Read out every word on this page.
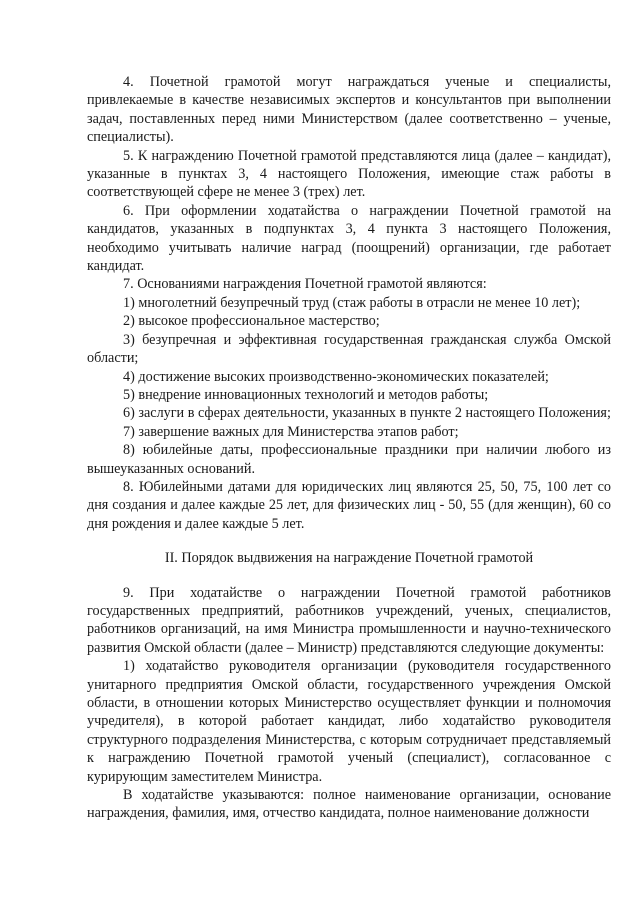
4. Почетной грамотой могут награждаться ученые и специалисты, привлекаемые в качестве независимых экспертов и консультантов при выполнении задач, поставленных перед ними Министерством (далее соответственно – ученые, специалисты).

5. К награждению Почетной грамотой представляются лица (далее – кандидат), указанные в пунктах 3, 4 настоящего Положения, имеющие стаж работы в соответствующей сфере не менее 3 (трех) лет.

6. При оформлении ходатайства о награждении Почетной грамотой на кандидатов, указанных в подпунктах 3, 4 пункта 3 настоящего Положения, необходимо учитывать наличие наград (поощрений) организации, где работает кандидат.

7. Основаниями награждения Почетной грамотой являются:

1) многолетний безупречный труд (стаж работы в отрасли не менее 10 лет);

2) высокое профессиональное мастерство;

3) безупречная и эффективная государственная гражданская служба Омской области;

4) достижение высоких производственно-экономических показателей;

5) внедрение инновационных технологий и методов работы;

6) заслуги в сферах деятельности, указанных в пункте 2 настоящего Положения;

7) завершение важных для Министерства этапов работ;

8) юбилейные даты, профессиональные праздники при наличии любого из вышеуказанных оснований.

8. Юбилейными датами для юридических лиц являются 25, 50, 75, 100 лет со дня создания и далее каждые 25 лет, для физических лиц - 50, 55 (для женщин), 60 со дня рождения и далее каждые 5 лет.

II. Порядок выдвижения на награждение Почетной грамотой

9. При ходатайстве о награждении Почетной грамотой работников государственных предприятий, работников учреждений, ученых, специалистов, работников организаций, на имя Министра промышленности и научно-технического развития Омской области (далее – Министр) представляются следующие документы:

1) ходатайство руководителя организации (руководителя государственного унитарного предприятия Омской области, государственного учреждения Омской области, в отношении которых Министерство осуществляет функции и полномочия учредителя), в которой работает кандидат, либо ходатайство руководителя структурного подразделения Министерства, с которым сотрудничает представляемый к награждению Почетной грамотой ученый (специалист), согласованное с курирующим заместителем Министра.

В ходатайстве указываются: полное наименование организации, основание награждения, фамилия, имя, отчество кандидата, полное наименование должности
